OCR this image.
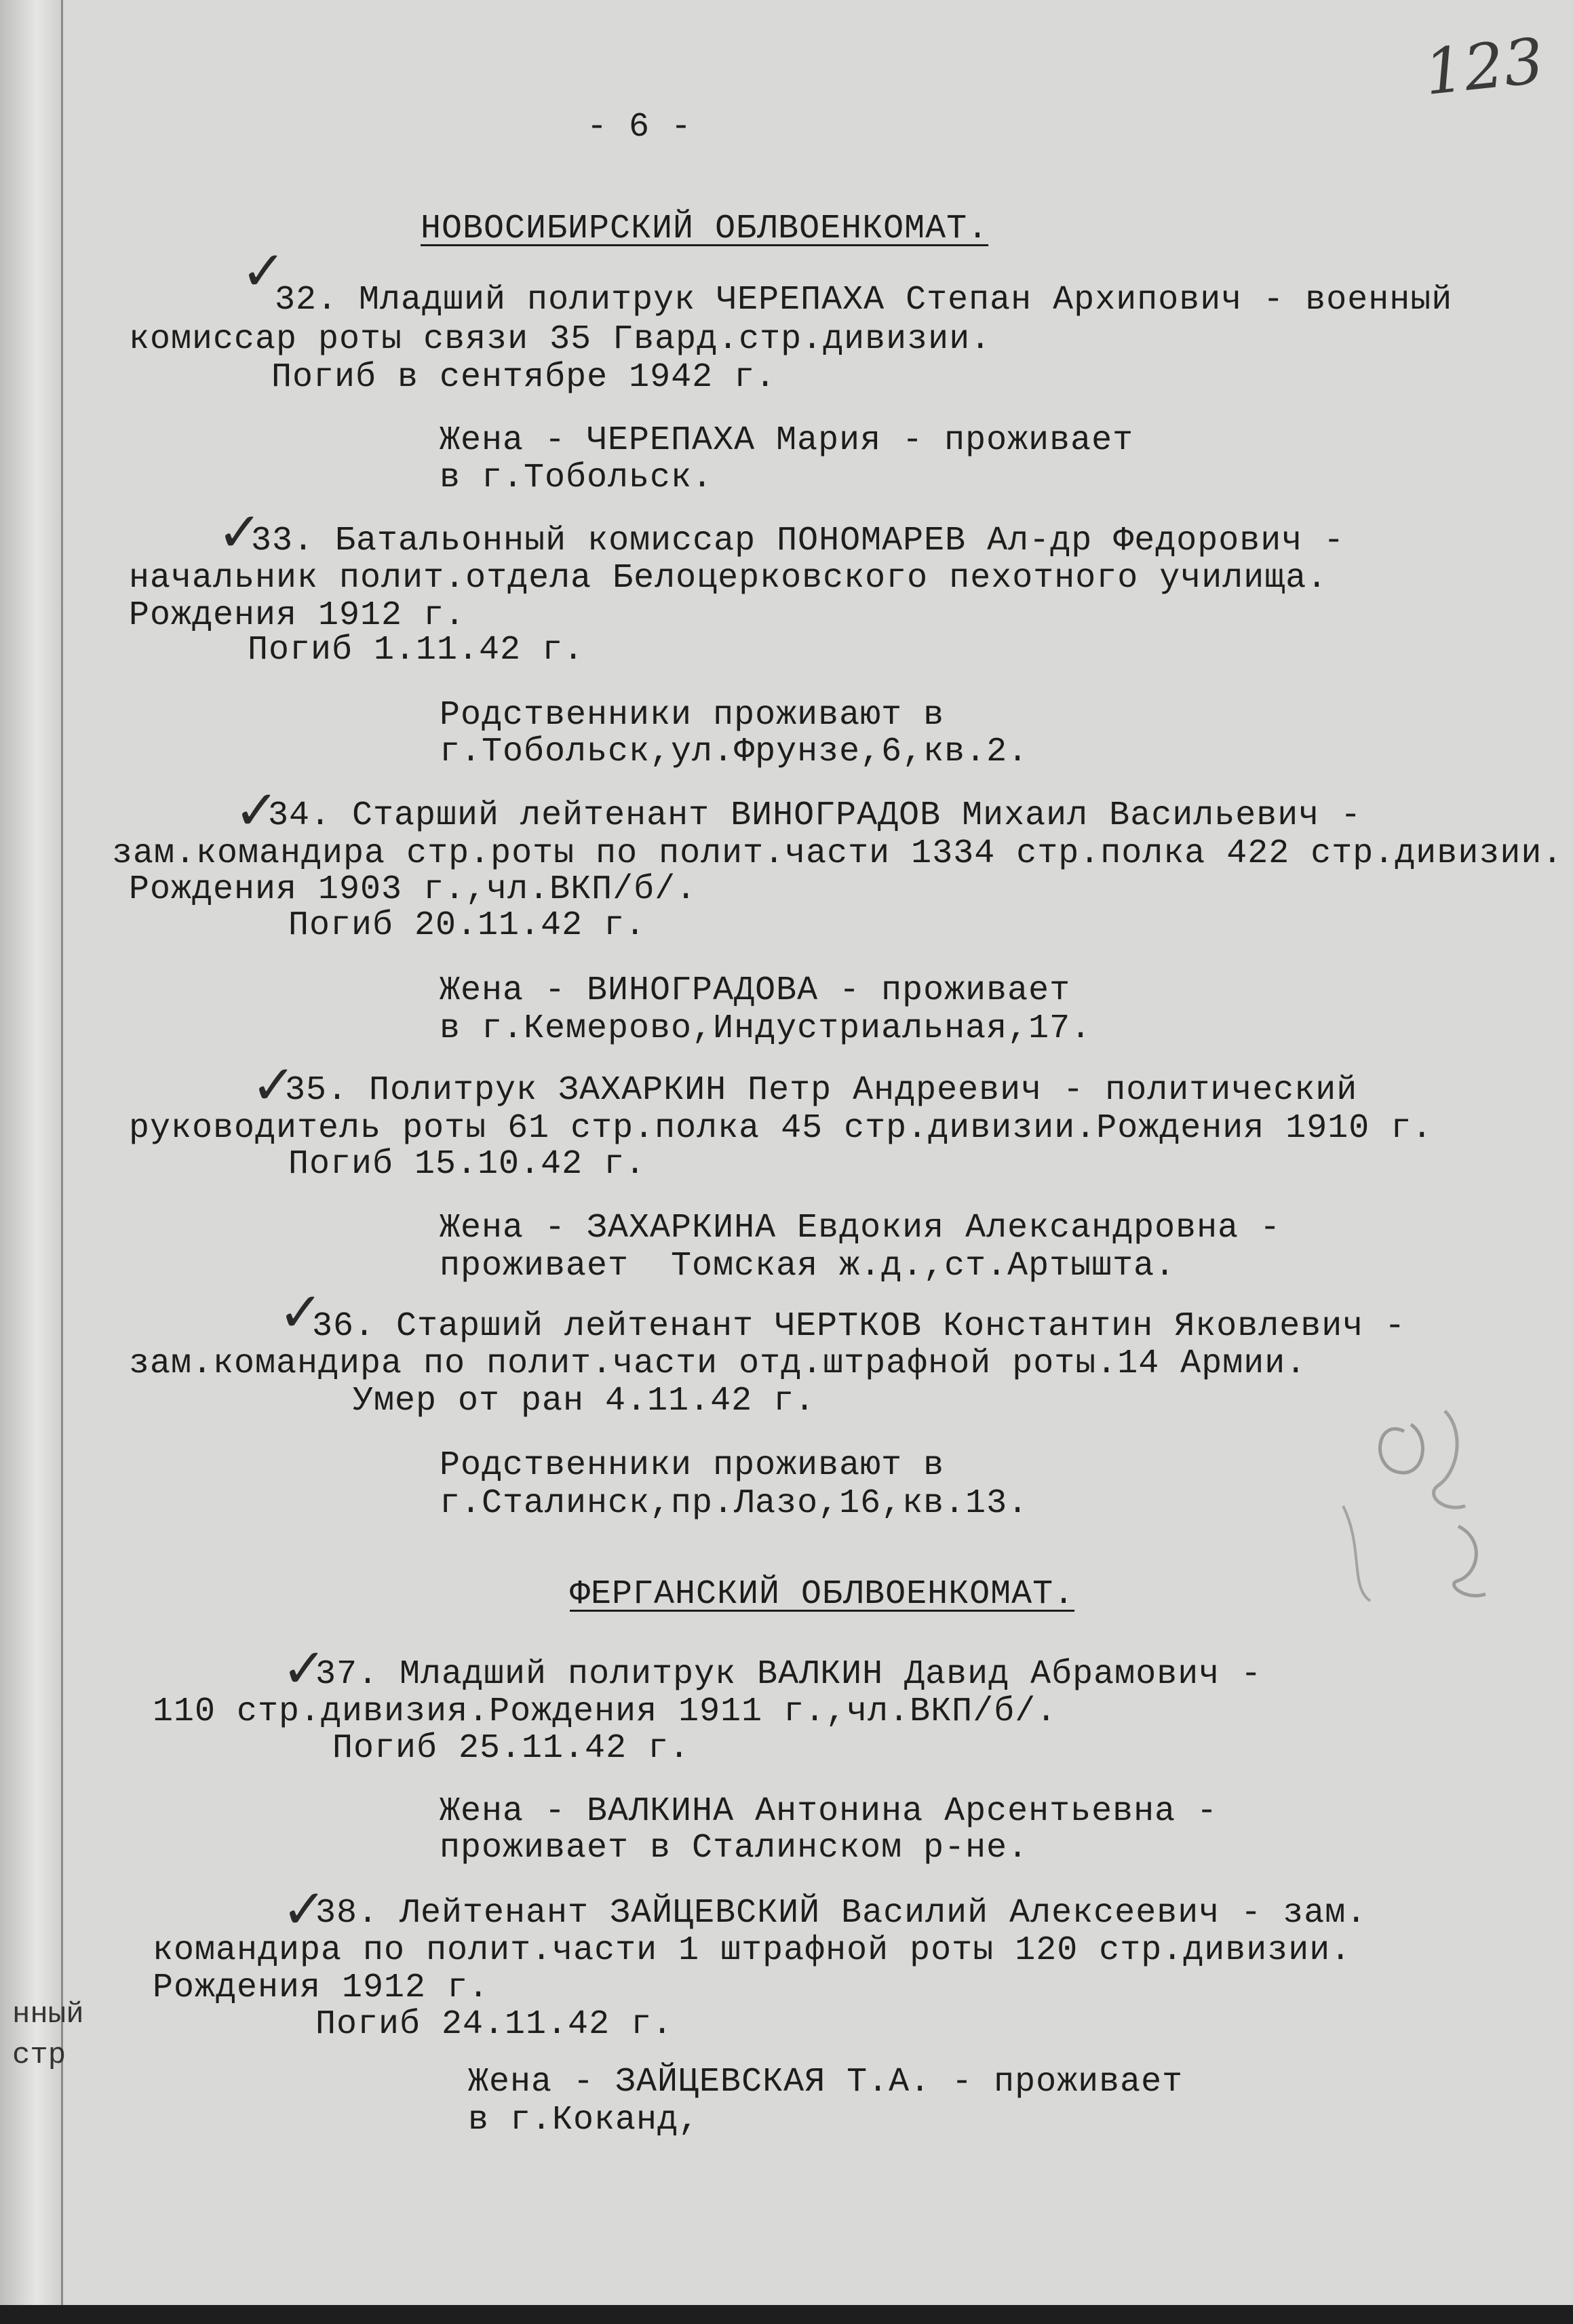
нный
стр
123
- 6 -
НОВОСИБИРСКИЙ ОБЛВОЕНКОМАТ.
✓
32. Младший политрук ЧЕРЕПАХА Степан Архипович - военный
комиссар роты связи 35 Гвард.стр.дивизии.
Погиб в сентябре 1942 г.
Жена - ЧЕРЕПАХА Мария - проживает
в г.Тобольск.
✓
33. Батальонный комиссар ПОНОМАРЕВ Ал-др Федорович -
начальник полит.отдела Белоцерковского пехотного училища.
Рождения 1912 г.
Погиб 1.11.42 г.
Родственники проживают в
г.Тобольск,ул.Фрунзе,6,кв.2.
✓
34. Старший лейтенант ВИНОГРАДОВ Михаил Васильевич -
зам.командира стр.роты по полит.части 1334 стр.полка 422 стр.дивизии.
Рождения 1903 г.,чл.ВКП/б/.
Погиб 20.11.42 г.
Жена - ВИНОГРАДОВА - проживает
в г.Кемерово,Индустриальная,17.
✓
35. Политрук ЗАХАРКИН Петр Андреевич - политический
руководитель роты 61 стр.полка 45 стр.дивизии.Рождения 1910 г.
Погиб 15.10.42 г.
Жена - ЗАХАРКИНА Евдокия Александровна -
проживает  Томская ж.д.,ст.Артышта.
✓
36. Старший лейтенант ЧЕРТКОВ Константин Яковлевич -
зам.командира по полит.части отд.штрафной роты.14 Армии.
Умер от ран 4.11.42 г.
Родственники проживают в
г.Сталинск,пр.Лазо,16,кв.13.
ФЕРГАНСКИЙ ОБЛВОЕНКОМАТ.
✓
37. Младший политрук ВАЛКИН Давид Абрамович -
110 стр.дивизия.Рождения 1911 г.,чл.ВКП/б/.
Погиб 25.11.42 г.
Жена - ВАЛКИНА Антонина Арсентьевна -
проживает в Сталинском р-не.
✓
38. Лейтенант ЗАЙЦЕВСКИЙ Василий Алексеевич - зам.
командира по полит.части 1 штрафной роты 120 стр.дивизии.
Рождения 1912 г.
Погиб 24.11.42 г.
Жена - ЗАЙЦЕВСКАЯ Т.А. - проживает
в г.Коканд,
